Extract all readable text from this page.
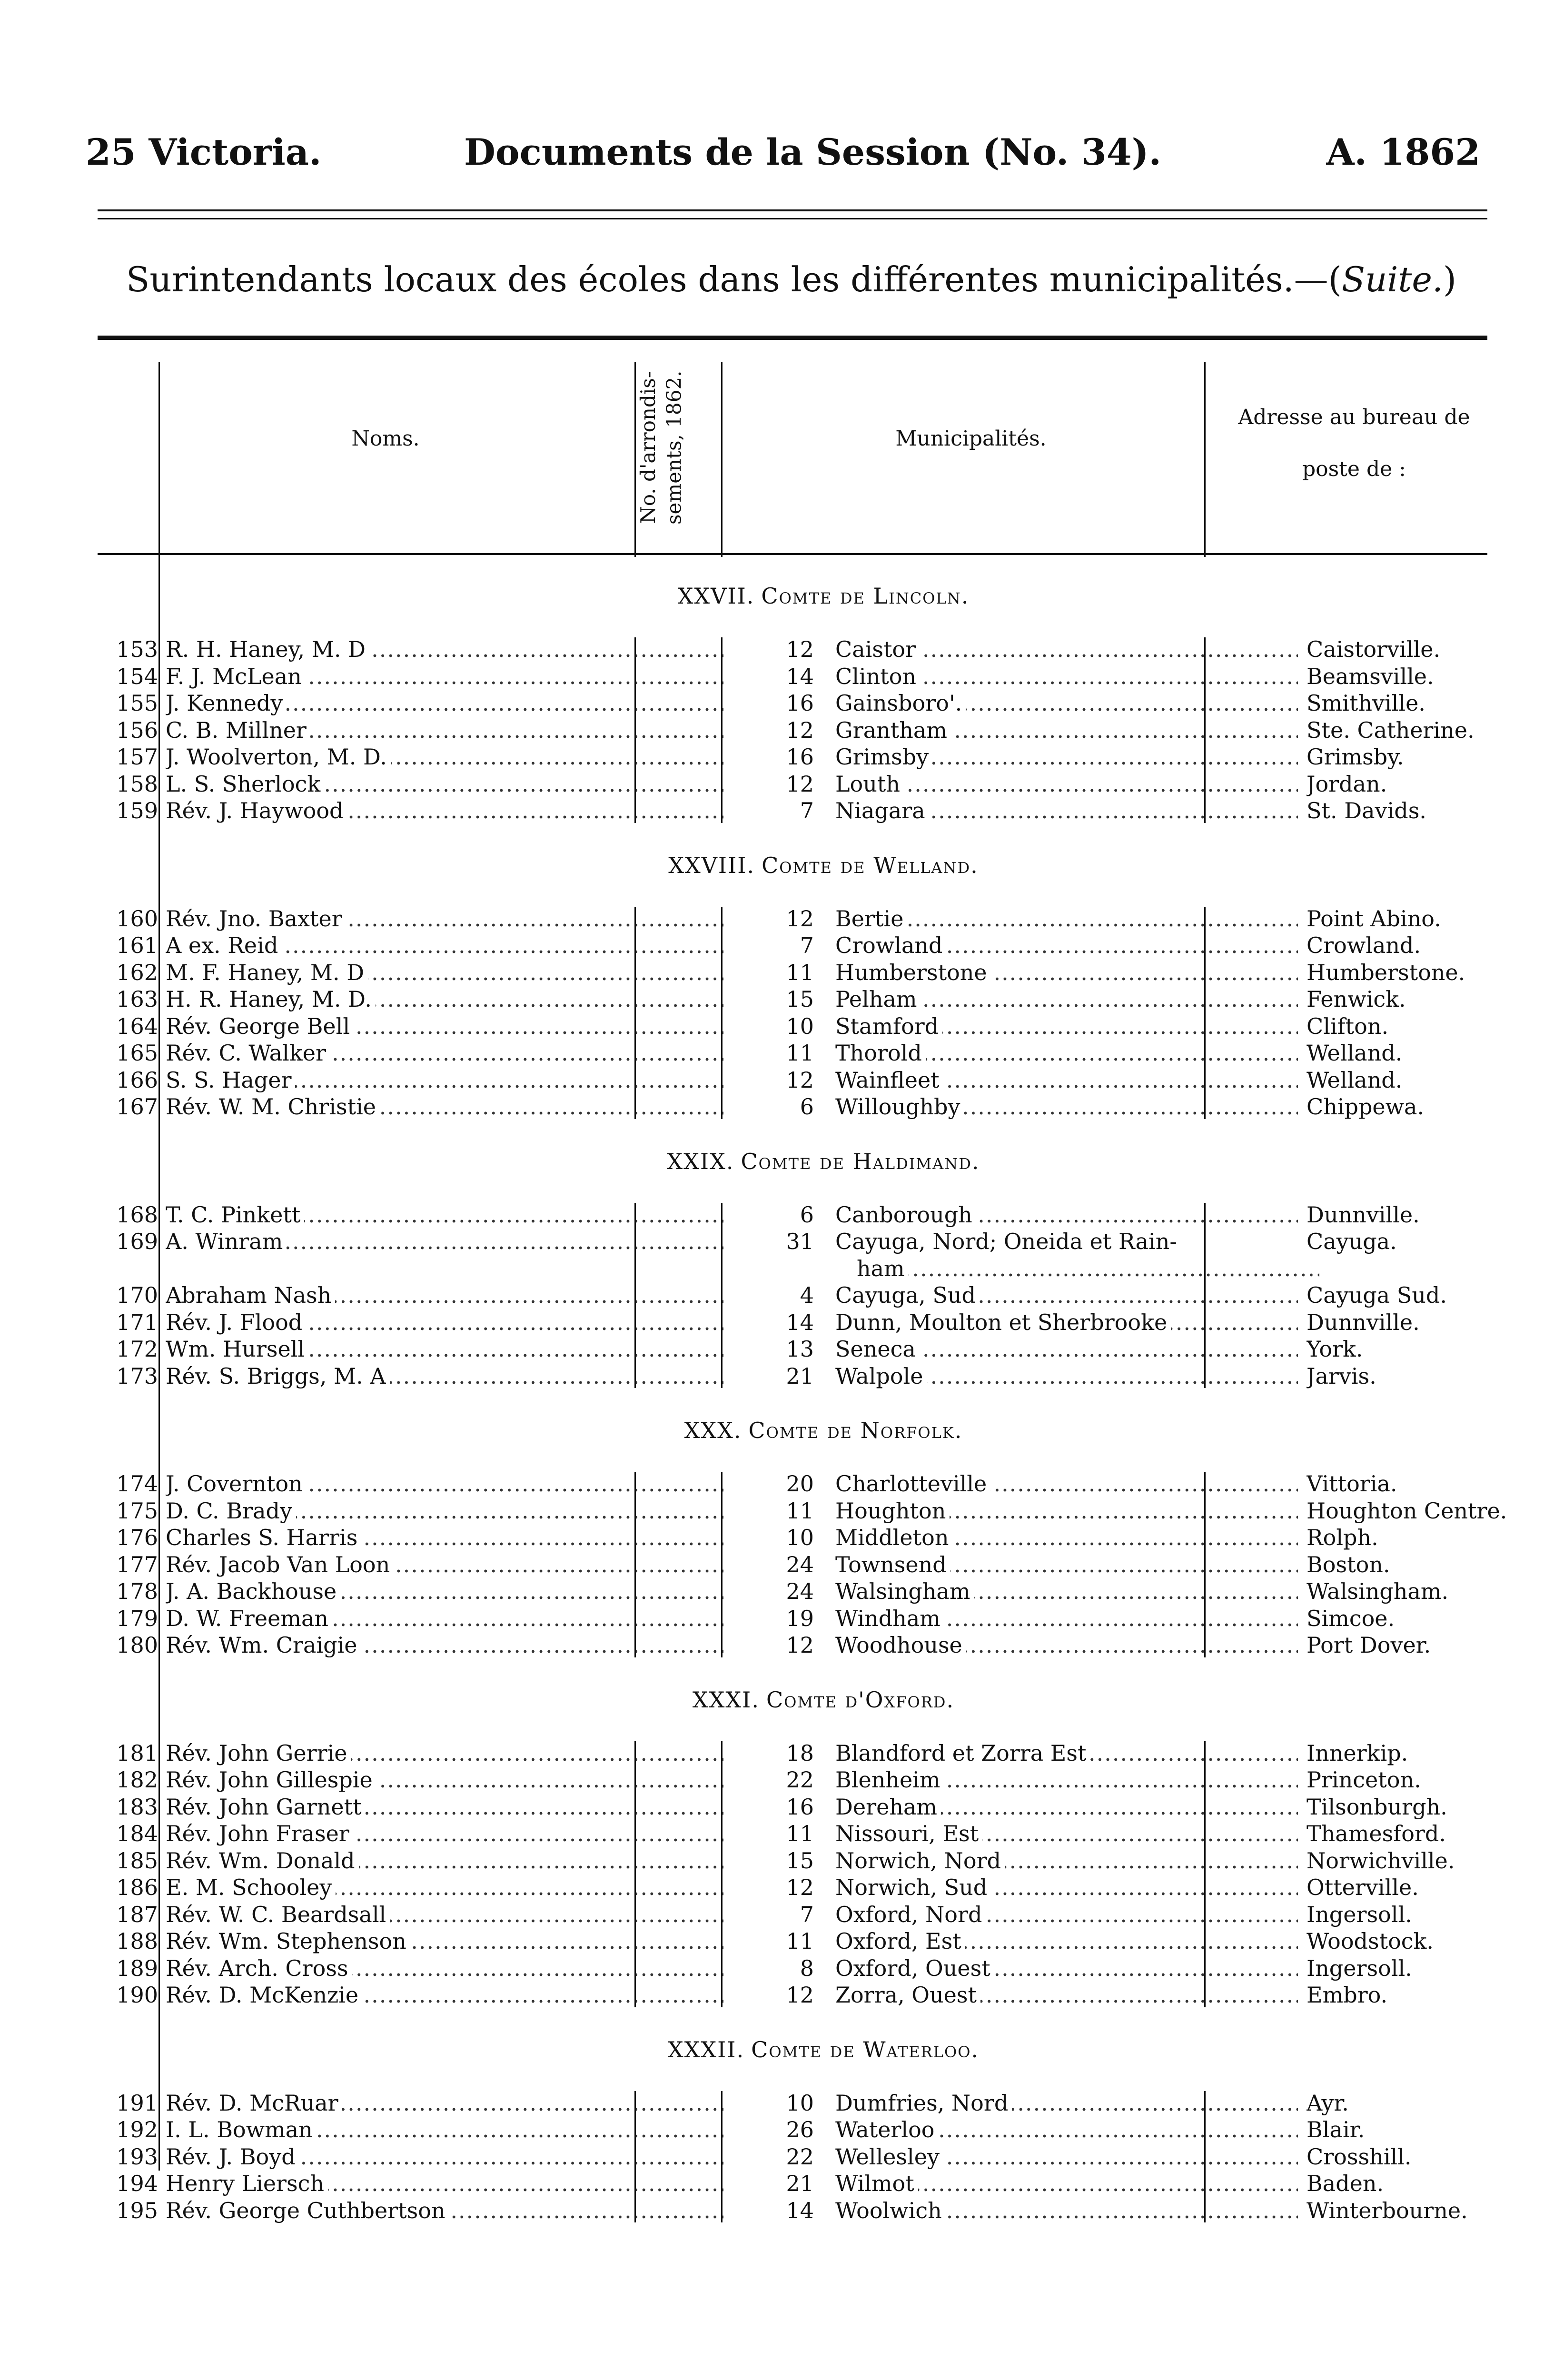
25 Victoria.	Documents de la Session (No. 34).	A. 1862
Surintendants locaux des écoles dans les différentes municipalités.—(Suite.)
Noms.	No. d'arrondis- sements, 1862.	Municipalités.
Adresse au bureau de
poste de :
XXVII. Comte de Lincoln.
153 ..... R. H. Haney, M. D	12 ..... Caistor	Caistorville.
154 ..... F. J. McLean	14 ..... Clinton	Beamsville.
155 ..... J. Kennedy	16 ..... Gainsboro'.	Smithville.
156 ..... C. B. Millner	12 ..... Grantham	Ste. Catherine.
157 ..... J. Woolverton, M. D.	16 ..... Grimsby	Grimsby.
158 ..... L. S. Sherlock	12 ..... Louth	Jordan.
159 ..... Rév. J. Haywood	7 ..... Niagara	St. Davids.
XXVIII. Comte de Welland.
160 ..... Rév. Jno. Baxter	12 ..... Bertie	Point Abino.
161 ..... A ex. Reid	7 ..... Crowland	Crowland.
162 ..... M. F. Haney, M. D	11 ..... Humberstone	Humberstone.
163 ..... H. R. Haney, M. D.	15 ..... Pelham	Fenwick.
164 ..... Rév. George Bell	10 ..... Stamford	Clifton.
165 ..... Rév. C. Walker	11 ..... Thorold	Welland.
166 ..... S. S. Hager	12 ..... Wainfleet	Welland.
167 ..... Rév. W. M. Christie	6 ..... Willoughby	Chippewa.
XXIX. Comte de Haldimand.
168 ..... T. C. Pinkett	6 ..... Canborough	Dunnville.
169 ..... A. Winram	31 Cayuga, Nord; Oneida et Rain-	Cayuga.
.....
ham
170 ..... Abraham Nash	4 ..... Cayuga, Sud	Cayuga Sud.
171 ..... Rév. J. Flood	14 ..... Dunn, Moulton et Sherbrooke	Dunnville.
172 ..... Wm. Hursell	13 ..... Seneca	York.
173 ..... Rév. S. Briggs, M. A	21 ..... Walpole	Jarvis.
XXX. Comte de Norfolk.
174 ..... J. Covernton	20 ..... Charlotteville	Vittoria.
175 ..... D. C. Brady	11 ..... Houghton	Houghton Centre.
176 ..... Charles S. Harris	10 ..... Middleton	Rolph.
177 ..... Rév. Jacob Van Loon	24 ..... Townsend	Boston.
178 ..... J. A. Backhouse	24 ..... Walsingham	Walsingham.
179 ..... D. W. Freeman	19 ..... Windham	Simcoe.
180 ..... Rév. Wm. Craigie	12 ..... Woodhouse	Port Dover.
XXXI. Comte d'Oxford.
181 ..... Rév. John Gerrie	18 ..... Blandford et Zorra Est	Innerkip.
182 ..... Rév. John Gillespie	22 ..... Blenheim	Princeton.
183 ..... Rév. John Garnett	16 ..... Dereham	Tilsonburgh.
184 ..... Rév. John Fraser	11 ..... Nissouri, Est	Thamesford.
185 ..... Rév. Wm. Donald	15 ..... Norwich, Nord	Norwichville.
186 ..... E. M. Schooley	12 ..... Norwich, Sud	Otterville.
187 ..... Rév. W. C. Beardsall	7 ..... Oxford, Nord	Ingersoll.
188 ..... Rév. Wm. Stephenson	11 ..... Oxford, Est	Woodstock.
189 ..... Rév. Arch. Cross	8 ..... Oxford, Ouest	Ingersoll.
190 ..... Rév. D. McKenzie	12 ..... Zorra, Ouest	Embro.
XXXII. Comte de Waterloo.
191 ..... Rév. D. McRuar	10 ..... Dumfries, Nord	Ayr.
192 ..... I. L. Bowman	26 ..... Waterloo	Blair.
193 ..... Rév. J. Boyd	22 ..... Wellesley	Crosshill.
194 ..... Henry Liersch	21 ..... Wilmot	Baden.
195 ..... Rév. George Cuthbertson	14 ..... Woolwich	Winterbourne.
